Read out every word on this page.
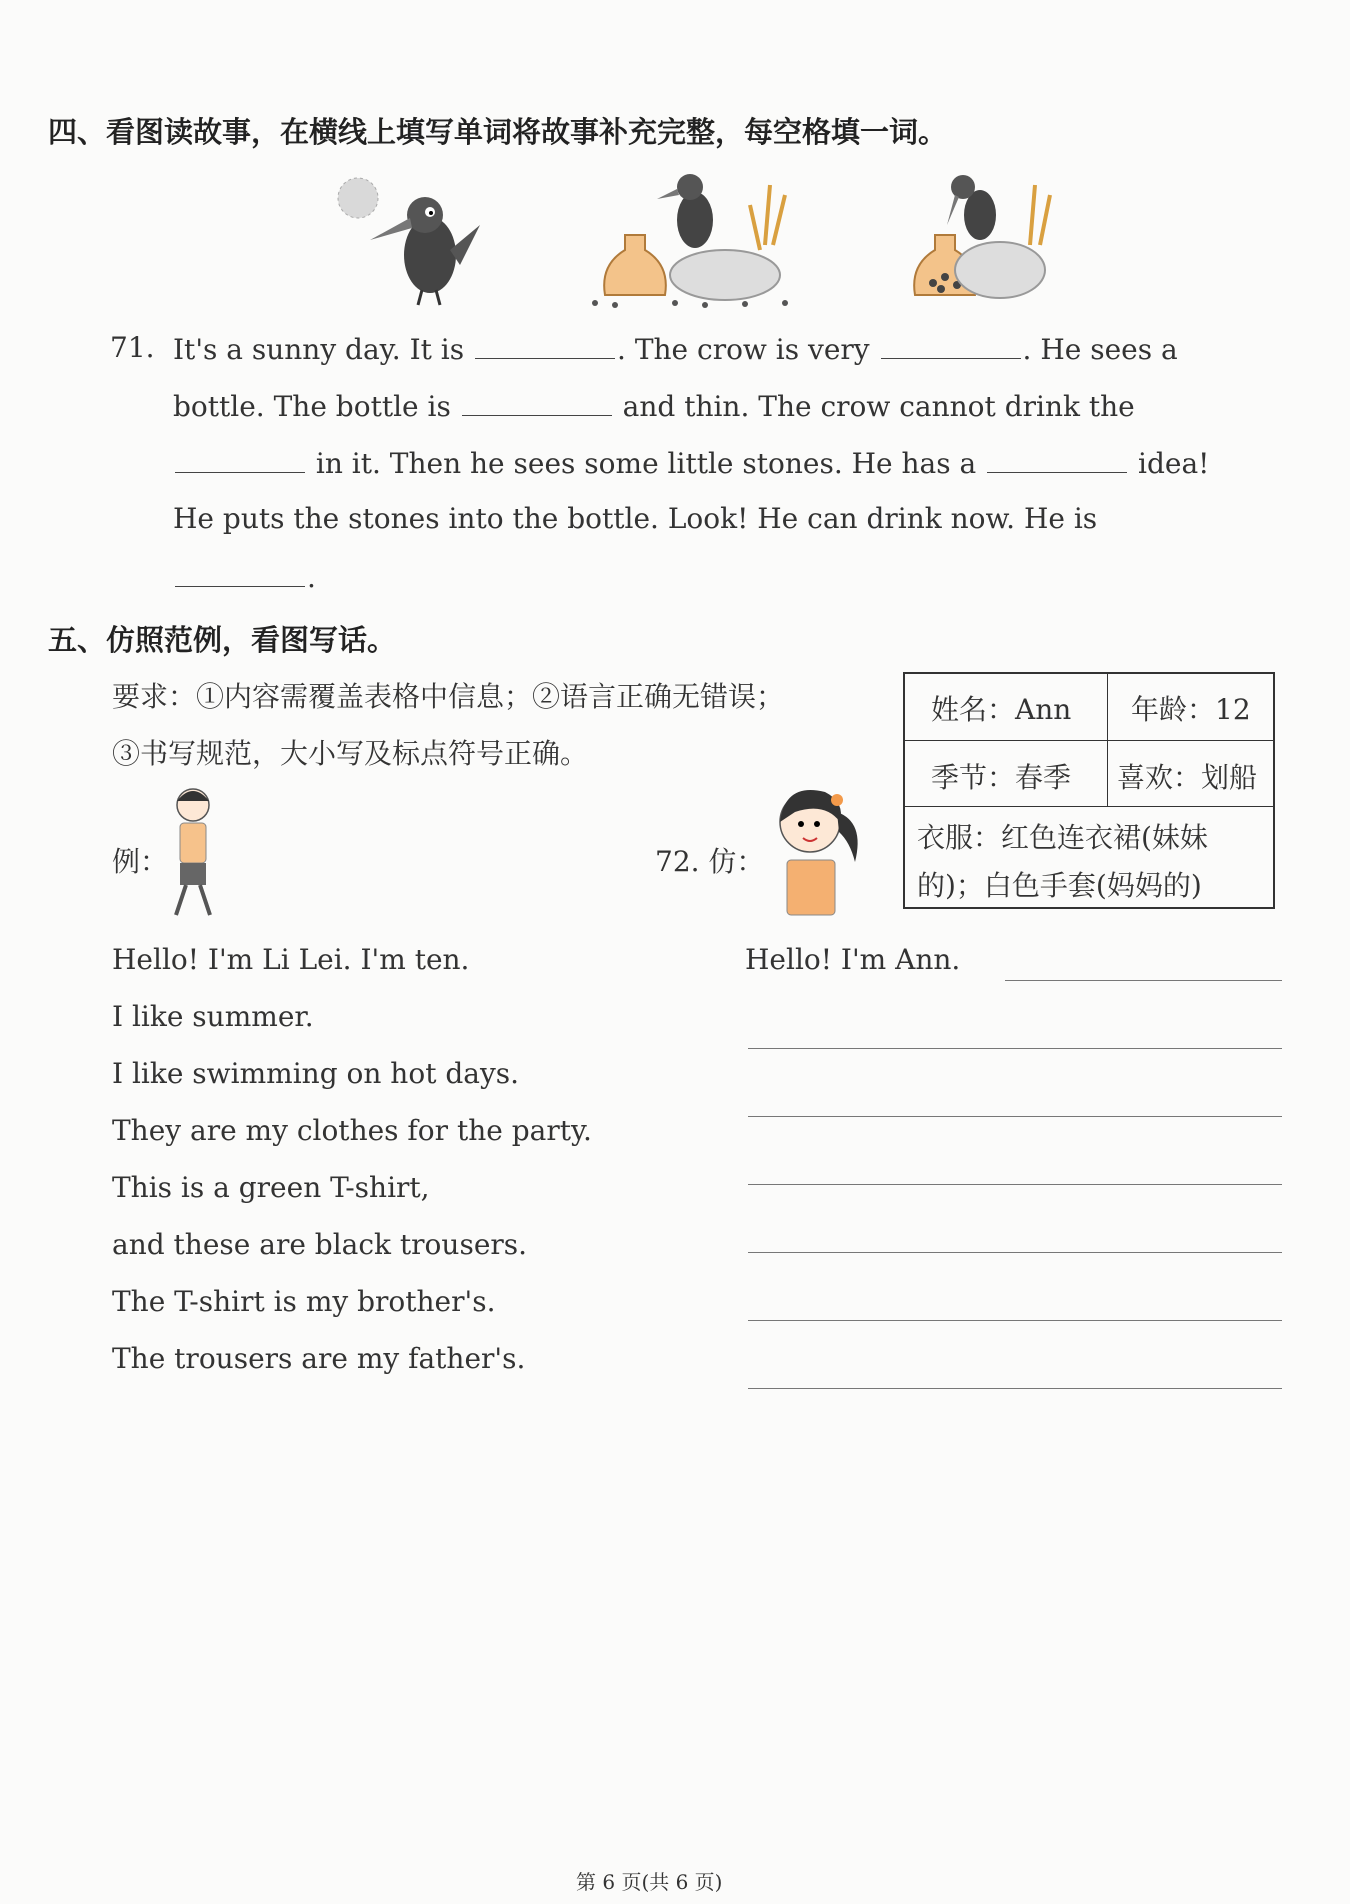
四、看图读故事，在横线上填写单词将故事补充完整，每空格填一词。
71. It's a sunny day. It is	. The crow is very	. He sees a
bottle. The bottle is	and thin. The crow cannot drink the
in it. Then he sees some little stones. He has a	idea!
He puts the stones into the bottle. Look! He can drink now. He is
.
五、仿照范例，看图写话。
要求：①内容需覆盖表格中信息；②语言正确无错误；
③书写规范，大小写及标点符号正确。
姓名：Ann 年龄：12
季节：春季 喜欢：划船
衣服：红色连衣裙(妹妹
的)；白色手套(妈妈的)
例：	72. 仿：
Hello! I'm Li Lei. I'm ten.
I like summer.
I like swimming on hot days.
They are my clothes for the party.
This is a green T-shirt,
and these are black trousers.
The T-shirt is my brother's.
The trousers are my father's.
Hello! I'm Ann.
第 6 页(共 6 页)
